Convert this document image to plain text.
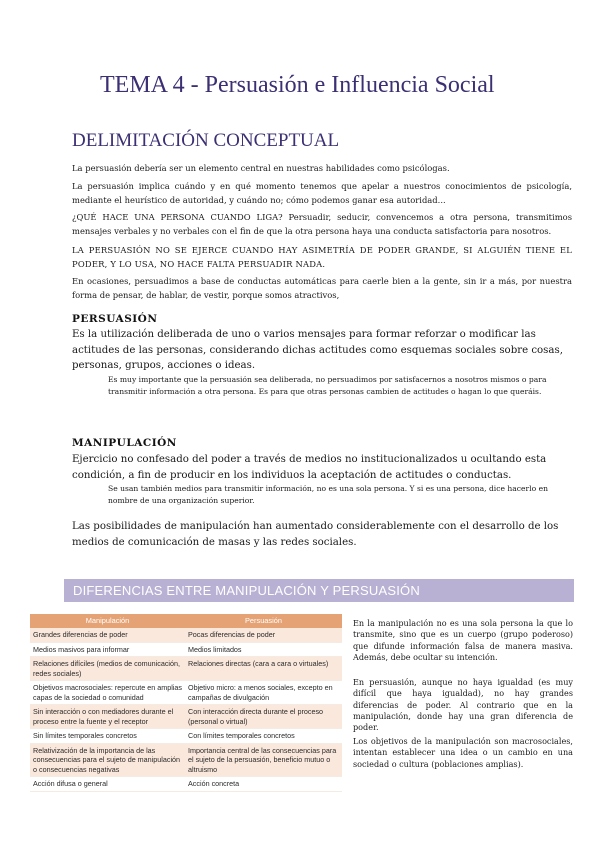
TEMA 4 - Persuasión e Influencia Social
DELIMITACIÓN CONCEPTUAL
La persuasión debería ser un elemento central en nuestras habilidades como psicólogas.
La persuasión implica cuándo y en qué momento tenemos que apelar a nuestros conocimientos de psicología, mediante el heurístico de autoridad, y cuándo no; cómo podemos ganar esa autoridad...
¿QUÉ HACE UNA PERSONA CUANDO LIGA? Persuadir, seducir, convencemos a otra persona, transmitimos mensajes verbales y no verbales con el fin de que la otra persona haya una conducta satisfactoria para nosotros.
LA PERSUASIÓN NO SE EJERCE CUANDO HAY ASIMETRÍA DE PODER GRANDE, SI ALGUIÉN TIENE EL PODER, Y LO USA, NO HACE FALTA PERSUADIR NADA.
En ocasiones, persuadimos a base de conductas automáticas para caerle bien a la gente, sin ir a más, por nuestra forma de pensar, de hablar, de vestir, porque somos atractivos,
PERSUASIÓN
Es la utilización deliberada de uno o varios mensajes para formar reforzar o modificar las actitudes de las personas, considerando dichas actitudes como esquemas sociales sobre cosas, personas, grupos, acciones o ideas.
Es muy importante que la persuasión sea deliberada, no persuadimos por satisfacernos a nosotros mismos o para transmitir información a otra persona. Es para que otras personas cambien de actitudes o hagan lo que queráis.
MANIPULACIÓN
Ejercicio no confesado del poder a través de medios no institucionalizados u ocultando esta condición, a fin de producir en los individuos la aceptación de actitudes o conductas.
Se usan también medios para transmitir información, no es una sola persona. Y si es una persona, dice hacerlo en nombre de una organización superior.
Las posibilidades de manipulación han aumentado considerablemente con el desarrollo de los medios de comunicación de masas y las redes sociales.
DIFERENCIAS ENTRE MANIPULACIÓN Y PERSUASIÓN
Manipulación	Persuasión
Grandes diferencias de poder	Pocas diferencias de poder
Medios masivos para informar	Medios limitados
Relaciones difíciles (medios de comunicación, redes sociales)	Relaciones directas (cara a cara o virtuales)
Objetivos macrosociales: repercute en amplias capas de la sociedad o comunidad	Objetivo micro: a menos sociales, excepto en campañas de divulgación
Sin interacción o con mediadores durante el proceso entre la fuente y el receptor	Con interacción directa durante el proceso (personal o virtual)
Sin límites temporales concretos	Con límites temporales concretos
Relativización de la importancia de las consecuencias para el sujeto de manipulación o consecuencias negativas	Importancia central de las consecuencias para el sujeto de la persuasión, beneficio mutuo o altruismo
Acción difusa o general	Acción concreta
En la manipulación no es una sola persona la que lo transmite, sino que es un cuerpo (grupo poderoso) que difunde información falsa de manera masiva. Además, debe ocultar su intención.
En persuasión, aunque no haya igualdad (es muy difícil que haya igualdad), no hay grandes diferencias de poder. Al contrario que en la manipulación, donde hay una gran diferencia de poder.
Los objetivos de la manipulación son macrosociales, intentan establecer una idea o un cambio en una sociedad o cultura (poblaciones amplias).
